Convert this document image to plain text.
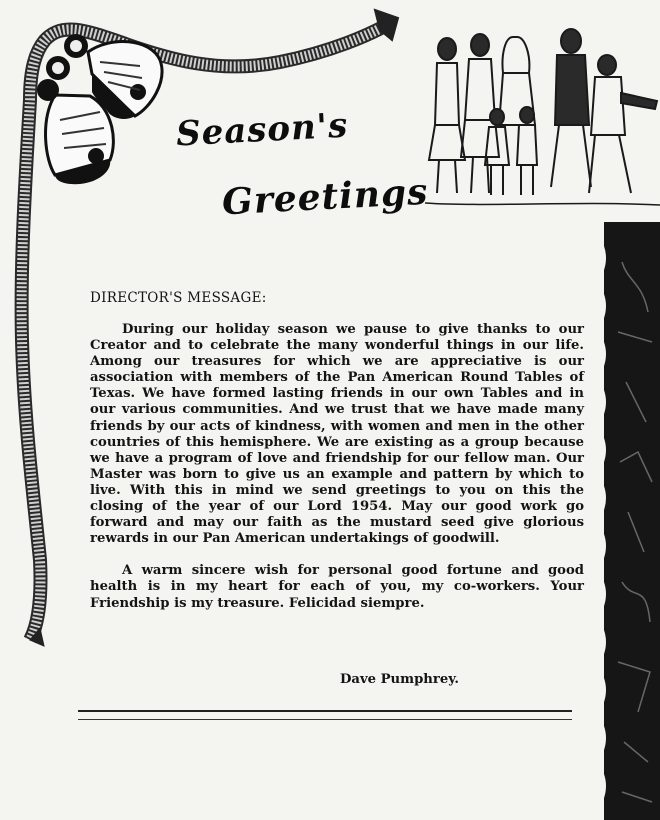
Season's
Greetings
DIRECTOR'S MESSAGE:

During our holiday season we pause to give thanks to our Creator and to celebrate the many wonderful things in our life. Among our treasures for which we are appreciative is our association with members of the Pan American Round Tables of Texas. We have formed lasting friends in our own Tables and in our various communities. And we trust that we have made many friends by our acts of kindness, with women and men in the other countries of this hemisphere. We are existing as a group because we have a program of love and friendship for our fellow man. Our Master was born to give us an example and pattern by which to live. With this in mind we send greetings to you on this the closing of the year of our Lord 1954. May our good work go forward and may our faith as the mustard seed give glorious rewards in our Pan American undertakings of goodwill.

A warm sincere wish for personal good fortune and good health is in my heart for each of you, my co-workers. Your Friendship is my treasure. Felicidad siempre.

Dave Pumphrey.
